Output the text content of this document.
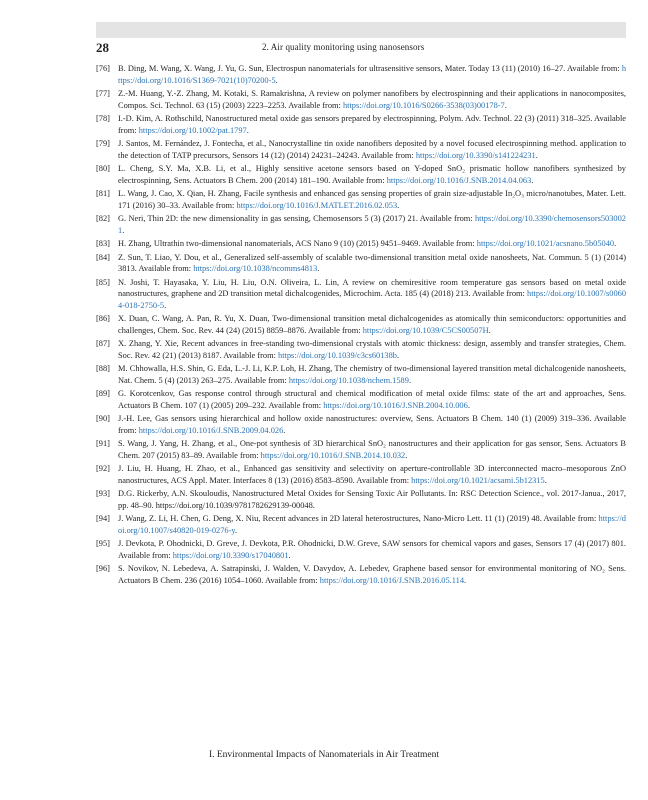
28	2. Air quality monitoring using nanosensors
[76] B. Ding, M. Wang, X. Wang, J. Yu, G. Sun, Electrospun nanomaterials for ultrasensitive sensors, Mater. Today 13 (11) (2010) 16–27. Available from: https://doi.org/10.1016/S1369-7021(10)70200-5.
[77] Z.-M. Huang, Y.-Z. Zhang, M. Kotaki, S. Ramakrishna, A review on polymer nanofibers by electrospinning and their applications in nanocomposites, Compos. Sci. Technol. 63 (15) (2003) 2223–2253. Available from: https://doi.org/10.1016/S0266-3538(03)00178-7.
[78] I.-D. Kim, A. Rothschild, Nanostructured metal oxide gas sensors prepared by electrospinning, Polym. Adv. Technol. 22 (3) (2011) 318–325. Available from: https://doi.org/10.1002/pat.1797.
[79] J. Santos, M. Fernández, J. Fontecha, et al., Nanocrystalline tin oxide nanofibers deposited by a novel focused electrospinning method. application to the detection of TATP precursors, Sensors 14 (12) (2014) 24231–24243. Available from: https://doi.org/10.3390/s141224231.
[80] L. Cheng, S.Y. Ma, X.B. Li, et al., Highly sensitive acetone sensors based on Y-doped SnO₂ prismatic hollow nanofibers synthesized by electrospinning, Sens. Actuators B Chem. 200 (2014) 181–190. Available from: https://doi.org/10.1016/J.SNB.2014.04.063.
[81] L. Wang, J. Cao, X. Qian, H. Zhang, Facile synthesis and enhanced gas sensing properties of grain size-adjustable In₂O₃ micro/nanotubes, Mater. Lett. 171 (2016) 30–33. Available from: https://doi.org/10.1016/J.MATLET.2016.02.053.
[82] G. Neri, Thin 2D: the new dimensionality in gas sensing, Chemosensors 5 (3) (2017) 21. Available from: https://doi.org/10.3390/chemosensors5030021.
[83] H. Zhang, Ultrathin two-dimensional nanomaterials, ACS Nano 9 (10) (2015) 9451–9469. Available from: https://doi.org/10.1021/acsnano.5b05040.
[84] Z. Sun, T. Liao, Y. Dou, et al., Generalized self-assembly of scalable two-dimensional transition metal oxide nanosheets, Nat. Commun. 5 (1) (2014) 3813. Available from: https://doi.org/10.1038/ncomms4813.
[85] N. Joshi, T. Hayasaka, Y. Liu, H. Liu, O.N. Oliveira, L. Lin, A review on chemiresitive room temperature gas sensors based on metal oxide nanostructures, graphene and 2D transition metal dichalcogenides, Microchim. Acta. 185 (4) (2018) 213. Available from: https://doi.org/10.1007/s00604-018-2750-5.
[86] X. Duan, C. Wang, A. Pan, R. Yu, X. Duan, Two-dimensional transition metal dichalcogenides as atomically thin semiconductors: opportunities and challenges, Chem. Soc. Rev. 44 (24) (2015) 8859–8876. Available from: https://doi.org/10.1039/C5CS00507H.
[87] X. Zhang, Y. Xie, Recent advances in free-standing two-dimensional crystals with atomic thickness: design, assembly and transfer strategies, Chem. Soc. Rev. 42 (21) (2013) 8187. Available from: https://doi.org/10.1039/c3cs60138b.
[88] M. Chhowalla, H.S. Shin, G. Eda, L.-J. Li, K.P. Loh, H. Zhang, The chemistry of two-dimensional layered transition metal dichalcogenide nanosheets, Nat. Chem. 5 (4) (2013) 263–275. Available from: https://doi.org/10.1038/nchem.1589.
[89] G. Korotcenkov, Gas response control through structural and chemical modification of metal oxide films: state of the art and approaches, Sens. Actuators B Chem. 107 (1) (2005) 209–232. Available from: https://doi.org/10.1016/J.SNB.2004.10.006.
[90] J.-H. Lee, Gas sensors using hierarchical and hollow oxide nanostructures: overview, Sens. Actuators B Chem. 140 (1) (2009) 319–336. Available from: https://doi.org/10.1016/J.SNB.2009.04.026.
[91] S. Wang, J. Yang, H. Zhang, et al., One-pot synthesis of 3D hierarchical SnO₂ nanostructures and their application for gas sensor, Sens. Actuators B Chem. 207 (2015) 83–89. Available from: https://doi.org/10.1016/J.SNB.2014.10.032.
[92] J. Liu, H. Huang, H. Zhao, et al., Enhanced gas sensitivity and selectivity on aperture-controllable 3D interconnected macro–mesoporous ZnO nanostructures, ACS Appl. Mater. Interfaces 8 (13) (2016) 8583–8590. Available from: https://doi.org/10.1021/acsami.5b12315.
[93] D.G. Rickerby, A.N. Skouloudis, Nanostructured Metal Oxides for Sensing Toxic Air Pollutants. In: RSC Detection Science., vol. 2017-Janua., 2017, pp. 48–90. https://doi.org/10.1039/9781782629139-00048.
[94] J. Wang, Z. Li, H. Chen, G. Deng, X. Niu, Recent advances in 2D lateral heterostructures, Nano-Micro Lett. 11 (1) (2019) 48. Available from: https://doi.org/10.1007/s40820-019-0276-y.
[95] J. Devkota, P. Ohodnicki, D. Greve, J. Devkota, P.R. Ohodnicki, D.W. Greve, SAW sensors for chemical vapors and gases, Sensors 17 (4) (2017) 801. Available from: https://doi.org/10.3390/s17040801.
[96] S. Novikov, N. Lebedeva, A. Satrapinski, J. Walden, V. Davydov, A. Lebedev, Graphene based sensor for environmental monitoring of NO₂ Sens. Actuators B Chem. 236 (2016) 1054–1060. Available from: https://doi.org/10.1016/J.SNB.2016.05.114.
I. Environmental Impacts of Nanomaterials in Air Treatment
